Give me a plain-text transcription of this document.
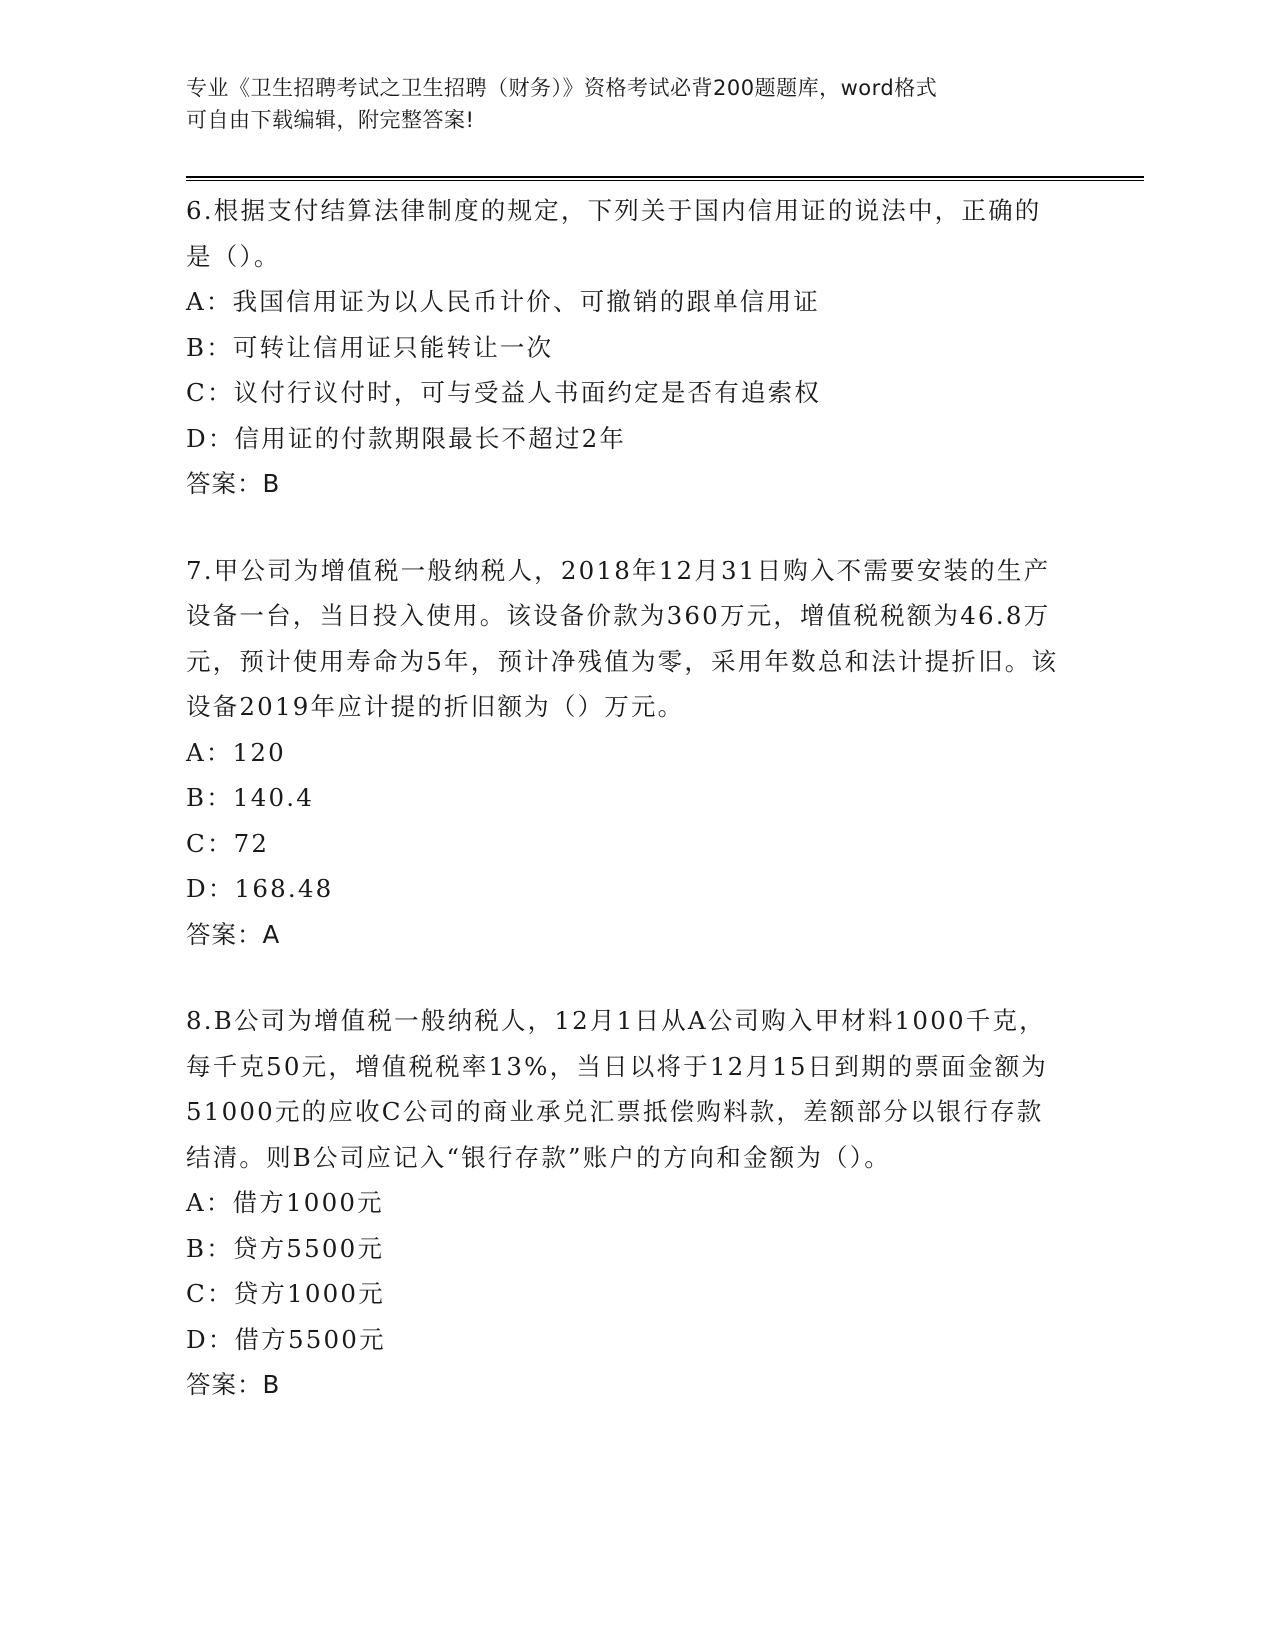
专业《卫生招聘考试之卫生招聘（财务）》资格考试必背200题题库，word格式
可自由下载编辑，附完整答案!

6.根据支付结算法律制度的规定，下列关于国内信用证的说法中，正确的是（）。

A：我国信用证为以人民币计价、可撤销的跟单信用证

B：可转让信用证只能转让一次

C：议付行议付时，可与受益人书面约定是否有追索权

D：信用证的付款期限最长不超过2年

答案：B

7.甲公司为增值税一般纳税人，2018年12月31日购入不需要安装的生产设备一台，当日投入使用。该设备价款为360万元，增值税税额为46.8万元，预计使用寿命为5年，预计净残值为零，采用年数总和法计提折旧。该设备2019年应计提的折旧额为（）万元。

A：120

B：140.4

C：72

D：168.48

答案：A

8.B公司为增值税一般纳税人，12月1日从A公司购入甲材料1000千克，每千克50元，增值税税率13%，当日以将于12月15日到期的票面金额为51000元的应收C公司的商业承兑汇票抵偿购料款，差额部分以银行存款结清。则B公司应记入“银行存款”账户的方向和金额为（）。

A：借方1000元

B：贷方5500元

C：贷方1000元

D：借方5500元

答案：B
